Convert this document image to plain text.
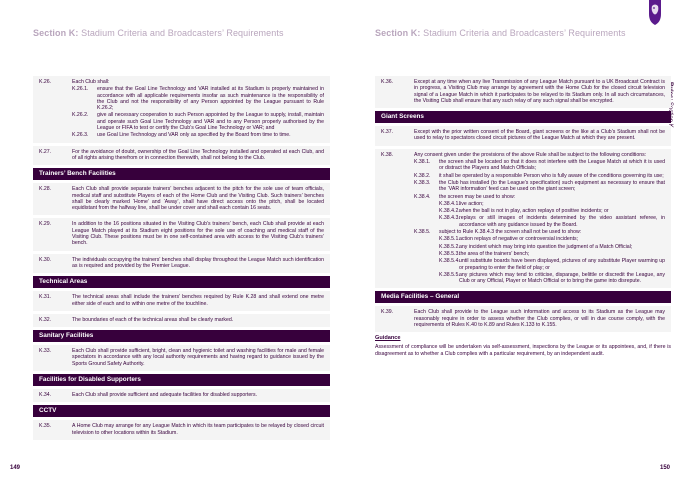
Section K: Stadium Criteria and Broadcasters’ Requirements
K.26.	Each Club shall:
K.26.1.	ensure that the Goal Line Technology and VAR installed at its Stadium is properly maintained in accordance with all applicable requirements insofar as such maintenance is the responsibility of the Club and not the responsibility of any Person appointed by the League pursuant to Rule K.26.2;
K.26.2.	give all necessary cooperation to such Person appointed by the League to supply, install, maintain and operate such Goal Line Technology and VAR and to any Person properly authorised by the League or FIFA to test or certify the Club’s Goal Line Technology or VAR; and
K.26.3.	use Goal Line Technology and VAR only as specified by the Board from time to time.
K.27.	For the avoidance of doubt, ownership of the Goal Line Technology installed and operated at each Club, and of all rights arising therefrom or in connection therewith, shall not belong to the Club.
Trainers’ Bench Facilities
K.28.	Each Club shall provide separate trainers’ benches adjacent to the pitch for the sole use of team officials, medical staff and substitute Players of each of the Home Club and the Visiting Club. Such trainers’ benches shall be clearly marked ‘Home’ and ‘Away’, shall have direct access onto the pitch, shall be located equidistant from the halfway line, shall be under cover and shall each contain 16 seats.
K.29.	In addition to the 16 positions situated in the Visiting Club’s trainers’ bench, each Club shall provide at each League Match played at its Stadium eight positions for the sole use of coaching and medical staff of the Visiting Club. These positions must be in one self-contained area with access to the Visiting Club’s trainers’ bench.
K.30.	The individuals occupying the trainers’ benches shall display throughout the League Match such identification as is required and provided by the Premier League.
Technical Areas
K.31.	The technical areas shall include the trainers’ benches required by Rule K.28 and shall extend one metre either side of each and to within one metre of the touchline.
K.32.	The boundaries of each of the technical areas shall be clearly marked.
Sanitary Facilities
K.33.	Each Club shall provide sufficient, bright, clean and hygienic toilet and washing facilities for male and female spectators in accordance with any local authority requirements and having regard to guidance issued by the Sports Ground Safety Authority.
Facilities for Disabled Supporters
K.34.	Each Club shall provide sufficient and adequate facilities for disabled supporters.
CCTV
K.35.	A Home Club may arrange for any League Match in which its team participates to be relayed by closed circuit television to other locations within its Stadium.
149
Section K: Stadium Criteria and Broadcasters’ Requirements
K.36.	Except at any time when any live Transmission of any League Match pursuant to a UK Broadcast Contract is in progress, a Visiting Club may arrange by agreement with the Home Club for the closed circuit television signal of a League Match in which it participates to be relayed to its Stadium only. In all such circumstances, the Visiting Club shall ensure that any such relay of any such signal shall be encrypted.
Giant Screens
K.37.	Except with the prior written consent of the Board, giant screens or the like at a Club’s Stadium shall not be used to relay to spectators closed circuit pictures of the League Match at which they are present.
K.38.	Any consent given under the provisions of the above Rule shall be subject to the following conditions:
K.38.1.	the screen shall be located so that it does not interfere with the League Match at which it is used or distract the Players and Match Officials;
K.38.2.	it shall be operated by a responsible Person who is fully aware of the conditions governing its use;
K.38.3.	the Club has installed (to the League’s specification) such equipment as necessary to ensure that the ‘VAR information’ feed can be used on the giant screen;
K.38.4.	the screen may be used to show:
K.38.4.1. live action;
K.38.4.2. when the ball is not in play, action replays of positive incidents; or
K.38.4.3. replays or still images of incidents determined by the video assistant referee, in accordance with any guidance issued by the Board.
K.38.5.	subject to Rule K.38.4.3 the screen shall not be used to show:
K.38.5.1. action replays of negative or controversial incidents;
K.38.5.2. any incident which may bring into question the judgment of a Match Official;
K.38.5.3. the area of the trainers’ bench;
K.38.5.4. until substitute boards have been displayed, pictures of any substitute Player warming up or preparing to enter the field of play; or
K.38.5.5. any pictures which may tend to criticise, disparage, belittle or discredit the League, any Club or any Official, Player or Match Official or to bring the game into disrepute.
Media Facilities – General
K.39.	Each Club shall provide to the League such information and access to its Stadium as the League may reasonably require in order to assess whether the Club complies, or will in due course comply, with the requirements of Rules K.40 to K.89 and Rules K.133 to K.155.
Guidance
Assessment of compliance will be undertaken via self-assessment, inspections by the League or its appointees, and, if there is disagreement as to whether a Club complies with a particular requirement, by an independent audit.
150
